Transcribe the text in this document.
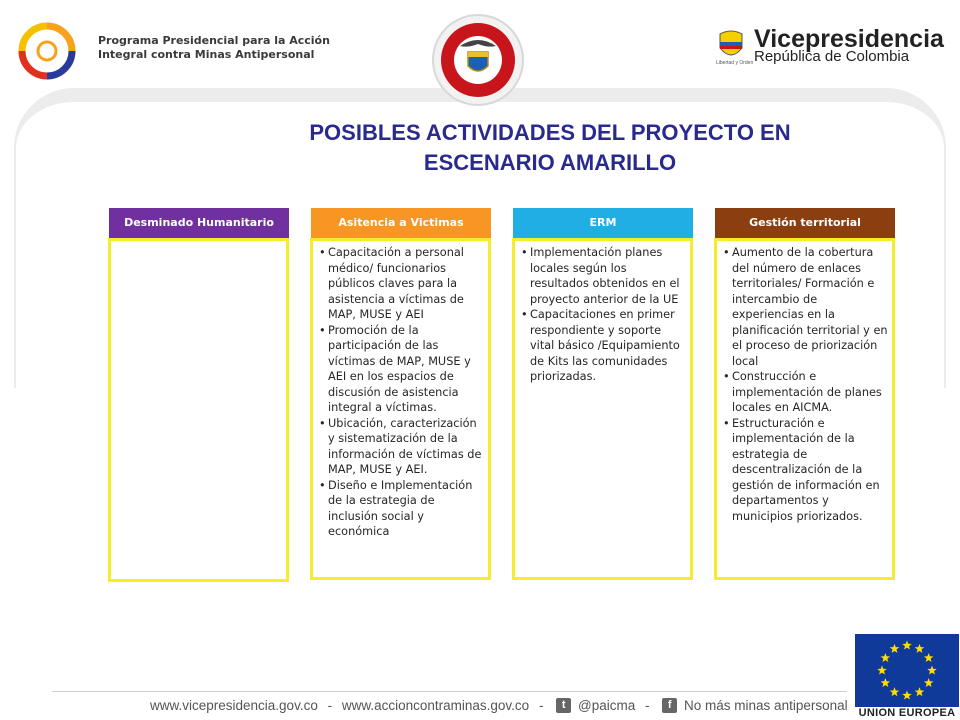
Programa Presidencial para la Acción
Integral contra Minas Antipersonal
Vicepresidencia
República de Colombia
Libertad y Orden
POSIBLES ACTIVIDADES DEL PROYECTO EN
ESCENARIO AMARILLO
Desminado Humanitario	Asitencia a Victimas
• Capacitación a personal médico/ funcionarios públicos claves para la asistencia a víctimas de MAP, MUSE y AEI
• Promoción de la participación de las víctimas de MAP, MUSE y AEI en los espacios de discusión de asistencia integral a víctimas.
• Ubicación, caracterización y sistematización de la información de víctimas de MAP, MUSE y AEI.
• Diseño e Implementación de la estrategia de inclusión social y económica
ERM
• Implementación planes locales según los resultados obtenidos en el proyecto anterior de la UE
• Capacitaciones en primer respondiente y soporte vital básico /Equipamiento de Kits las comunidades priorizadas.
Gestión territorial
• Aumento de la cobertura del número de enlaces territoriales/ Formación e intercambio de experiencias en la planificación territorial y en el proceso de priorización local
• Construcción e implementación de planes locales en AICMA.
• Estructuración e implementación de la estrategia de descentralización de la gestión de información en departamentos y municipios priorizados.
www.vicepresidencia.gov.co - www.accioncontraminas.gov.co - t @paicma - f No más minas antipersonal
UNION EUROPEA
